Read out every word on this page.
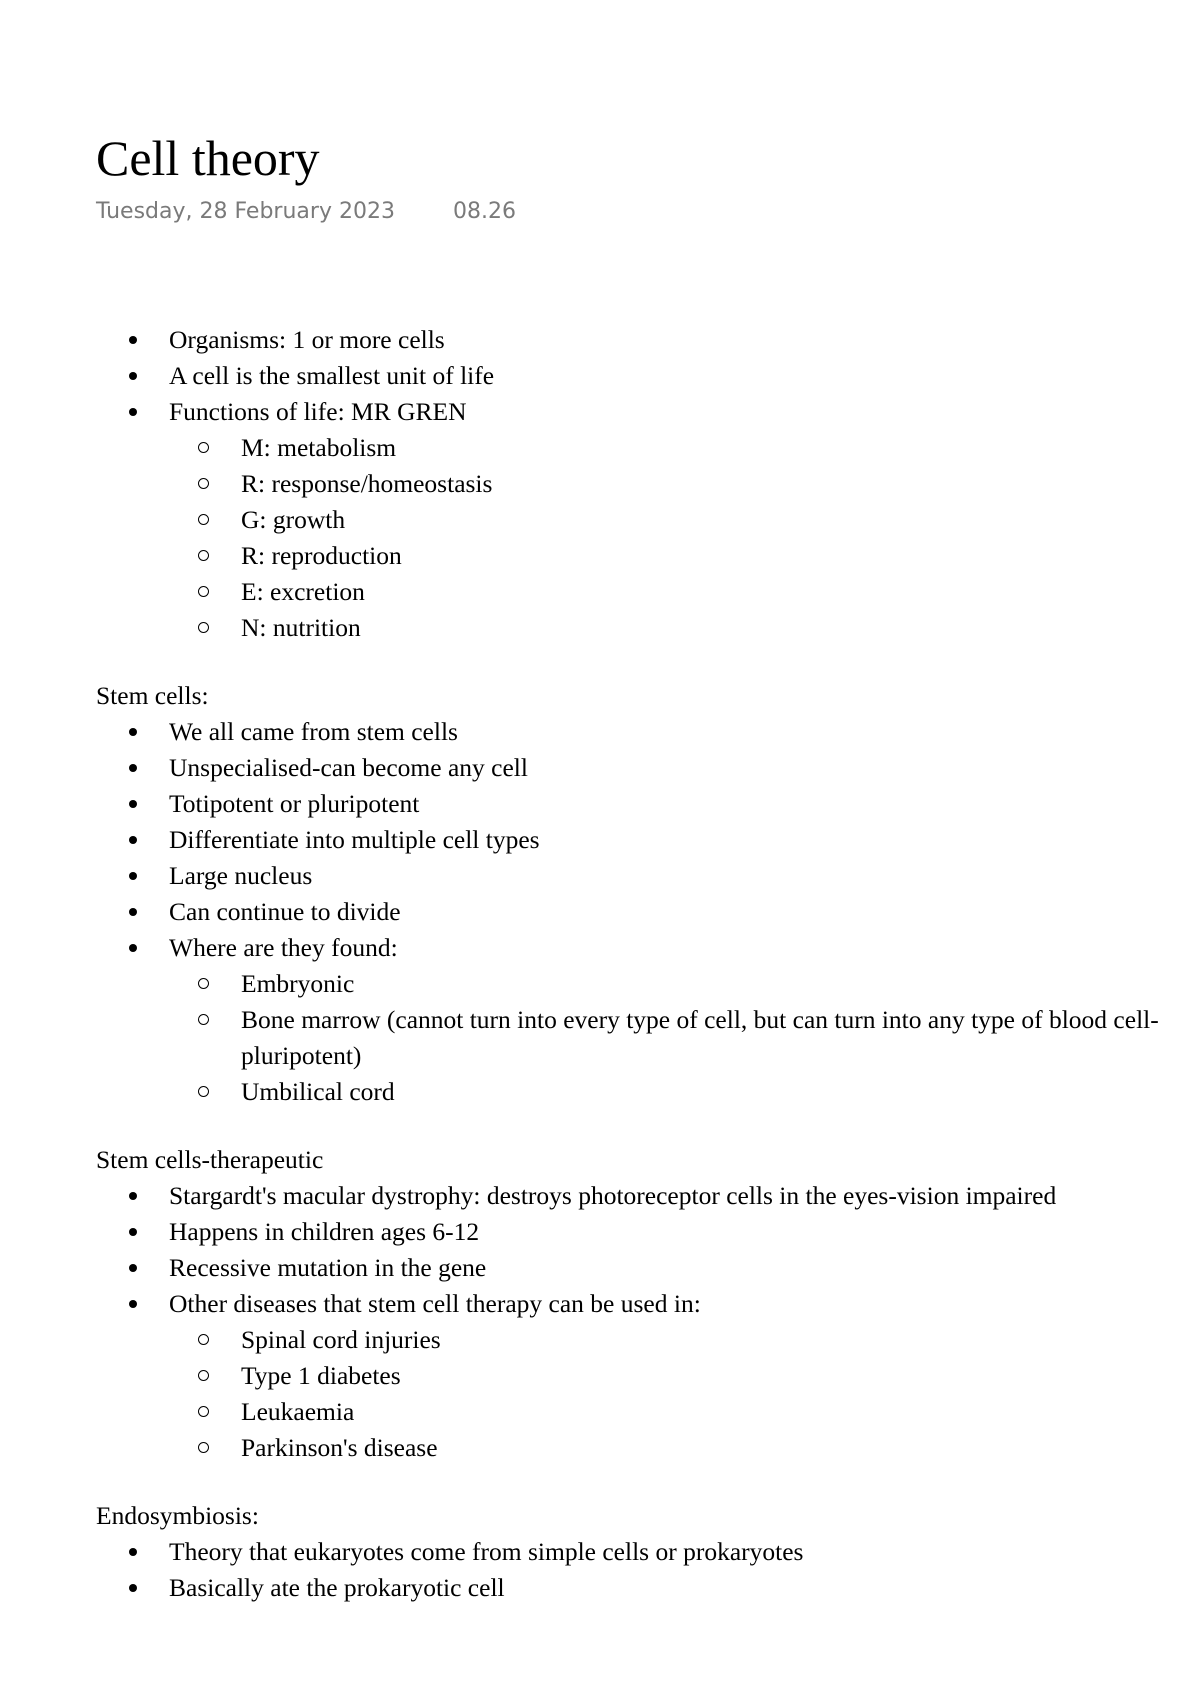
Cell theory
Tuesday, 28 February 2023	08.26
Organisms: 1 or more cells
A cell is the smallest unit of life
Functions of life: MR GREN
M: metabolism
R: response/homeostasis
G: growth
R: reproduction
E: excretion
N: nutrition
Stem cells:
We all came from stem cells
Unspecialised-can become any cell
Totipotent or pluripotent
Differentiate into multiple cell types
Large nucleus
Can continue to divide
Where are they found:
Embryonic
Bone marrow (cannot turn into every type of cell, but can turn into any type of blood cell-pluripotent)
Umbilical cord
Stem cells-therapeutic
Stargardt's macular dystrophy: destroys photoreceptor cells in the eyes-vision impaired
Happens in children ages 6-12
Recessive mutation in the gene
Other diseases that stem cell therapy can be used in:
Spinal cord injuries
Type 1 diabetes
Leukaemia
Parkinson's disease
Endosymbiosis:
Theory that eukaryotes come from simple cells or prokaryotes
Basically ate the prokaryotic cell
